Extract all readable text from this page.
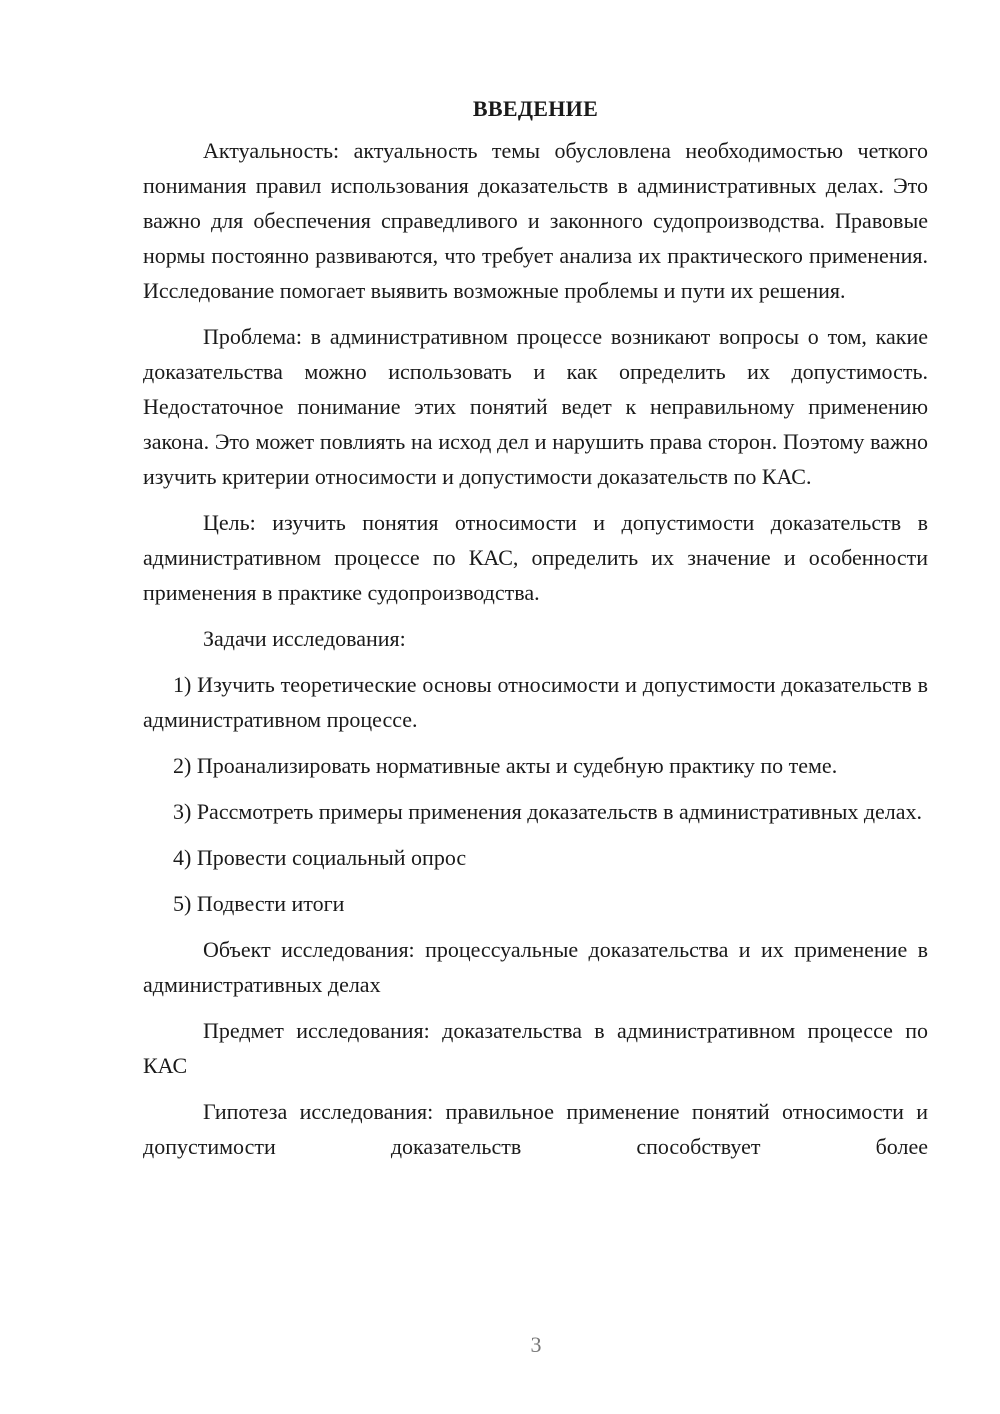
ВВЕДЕНИЕ

Актуальность: актуальность темы обусловлена необходимостью четкого понимания правил использования доказательств в административных делах. Это важно для обеспечения справедливого и законного судопроизводства. Правовые нормы постоянно развиваются, что требует анализа их практического применения. Исследование помогает выявить возможные проблемы и пути их решения.

Проблема: в административном процессе возникают вопросы о том, какие доказательства можно использовать и как определить их допустимость. Недостаточное понимание этих понятий ведет к неправильному применению закона. Это может повлиять на исход дел и нарушить права сторон. Поэтому важно изучить критерии относимости и допустимости доказательств по КАС.

Цель: изучить понятия относимости и допустимости доказательств в административном процессе по КАС, определить их значение и особенности применения в практике судопроизводства.

Задачи исследования:

1) Изучить теоретические основы относимости и допустимости доказательств в административном процессе.

2) Проанализировать нормативные акты и судебную практику по теме.

3) Рассмотреть примеры применения доказательств в административных делах.

4) Провести социальный опрос

5) Подвести итоги

Объект исследования: процессуальные доказательства и их применение в административных делах

Предмет исследования: доказательства в административном процессе по КАС

Гипотеза исследования: правильное применение понятий относимости и допустимости доказательств способствует более

3
